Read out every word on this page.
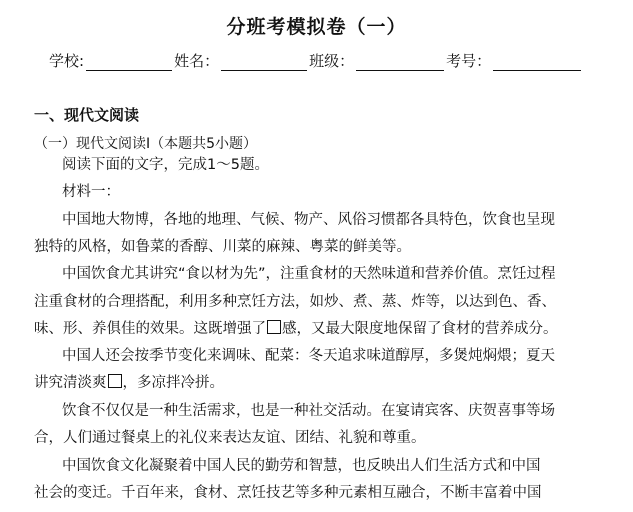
分班考模拟卷（一）
学校:	姓名：	班级：	考号：
一、现代文阅读
（一）现代文阅读Ⅰ（本题共5小题）
阅读下面的文字，完成1～5题。
材料一：
中国地大物博，各地的地理、气候、物产、风俗习惯都各具特色，饮食也呈现
独特的风格，如鲁菜的香醇、川菜的麻辣、粤菜的鲜美等。
中国饮食尤其讲究“食以材为先”，注重食材的天然味道和营养价值。烹饪过程
注重食材的合理搭配，利用多种烹饪方法，如炒、煮、蒸、炸等，以达到色、香、
味、形、养俱佳的效果。这既增强了 感，又最大限度地保留了食材的营养成分。
中国人还会按季节变化来调味、配菜：冬天追求味道醇厚，多煲炖焖煨；夏天
讲究清淡爽 ，多凉拌冷拼。
饮食不仅仅是一种生活需求，也是一种社交活动。在宴请宾客、庆贺喜事等场
合，人们通过餐桌上的礼仪来表达友谊、团结、礼貌和尊重。
中国饮食文化凝聚着中国人民的勤劳和智慧，也反映出人们生活方式和中国
社会的变迁。千百年来，食材、烹饪技艺等多种元素相互融合，不断丰富着中国
